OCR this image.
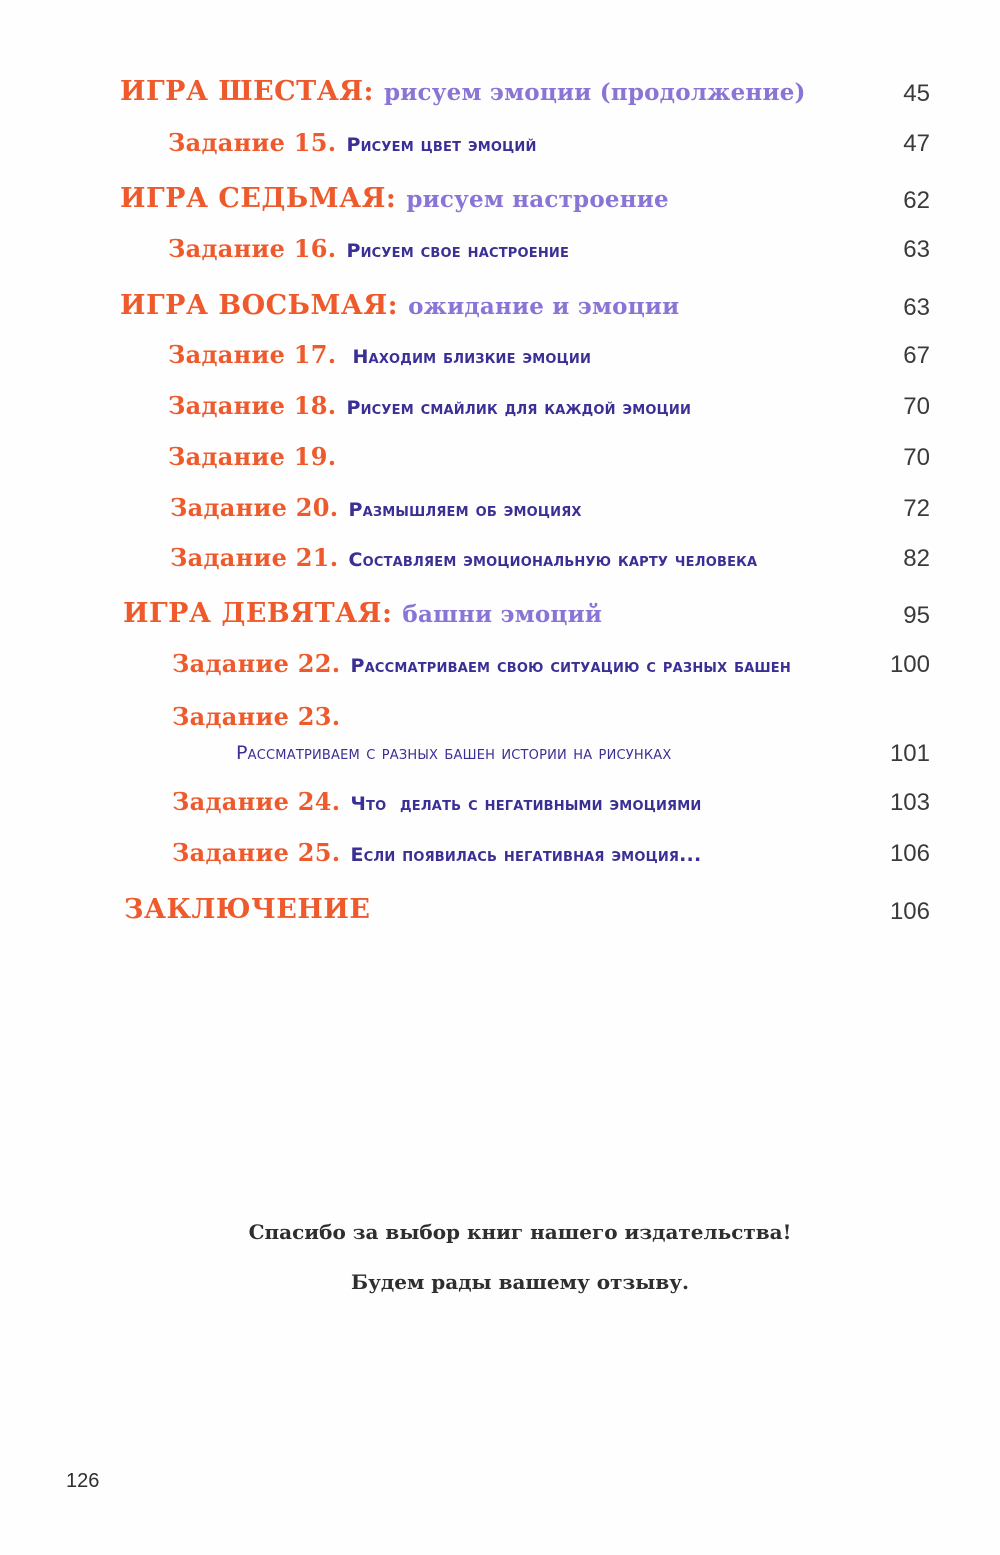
ИГРА ШЕСТАЯ: рисуем эмоции (продолжение)	45
Задание 15. Рисуем цвет эмоций	47
ИГРА СЕДЬМАЯ: рисуем настроение	62
Задание 16. Рисуем свое настроение	63
ИГРА ВОСЬМАЯ: ожидание и эмоции	63
Задание 17. Находим близкие эмоции	67
Задание 18. Рисуем смайлик для каждой эмоции	70
Задание 19.	70
Задание 20. Размышляем об эмоциях	72
Задание 21. Составляем эмоциональную карту человека	82
ИГРА ДЕВЯТАЯ: башни эмоций	95
Задание 22. Рассматриваем свою ситуацию с разных башен	100
Задание 23.
Рассматриваем с разных башен истории на рисунках	101
Задание 24. Что  делать с негативными эмоциями	103
Задание 25. Если появилась негативная эмоция...	106
ЗАКЛЮЧЕНИЕ	106
Спасибо за выбор книг нашего издательства!
Будем рады вашему отзыву.
126
